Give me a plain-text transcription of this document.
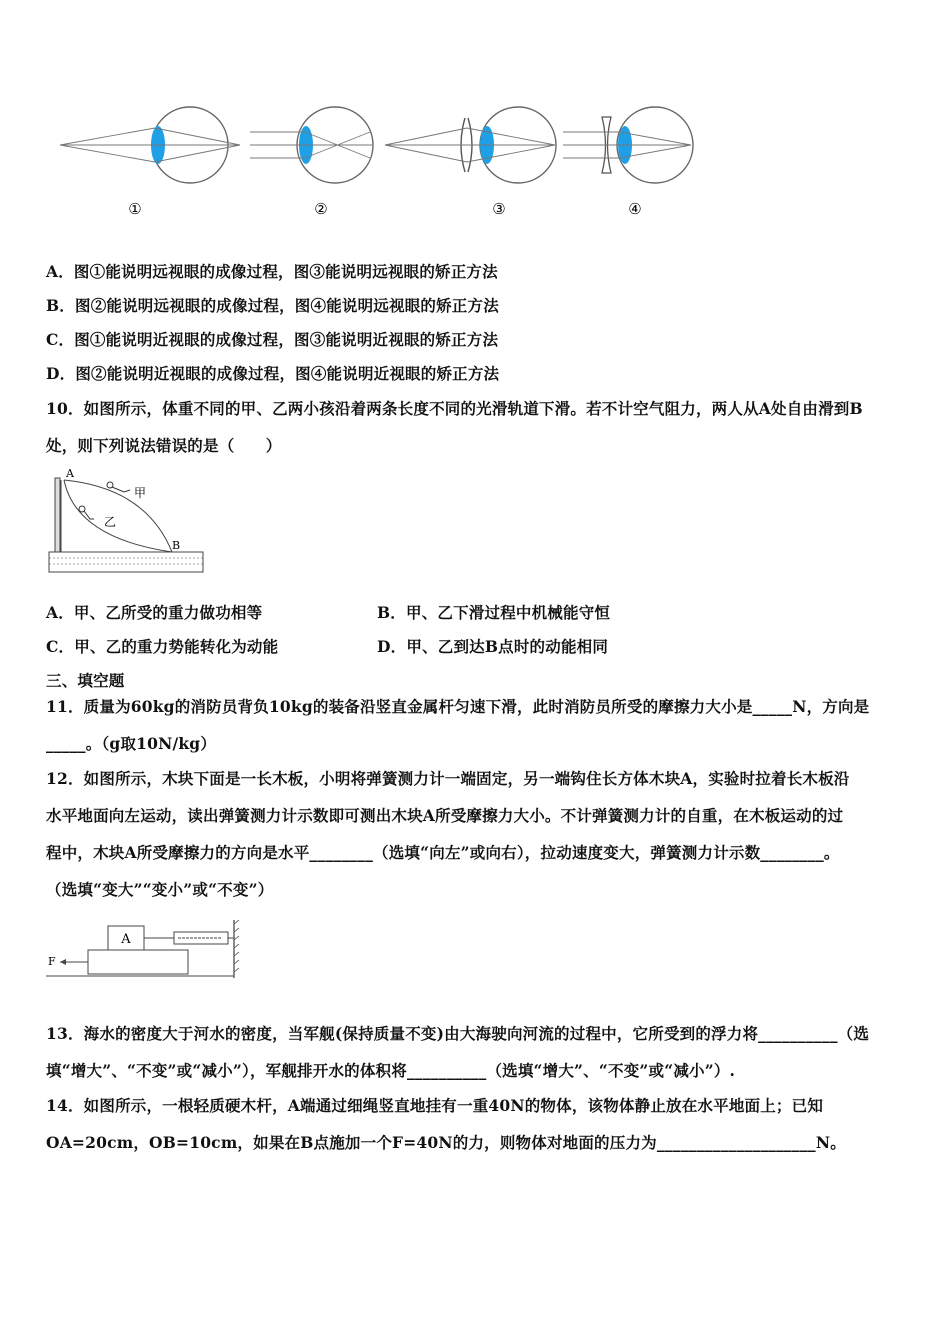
①	②	③	④
A．图①能说明远视眼的成像过程，图③能说明远视眼的矫正方法
B．图②能说明远视眼的成像过程，图④能说明远视眼的矫正方法
C．图①能说明近视眼的成像过程，图③能说明近视眼的矫正方法
D．图②能说明近视眼的成像过程，图④能说明近视眼的矫正方法
10．如图所示，体重不同的甲、乙两小孩沿着两条长度不同的光滑轨道下滑。若不计空气阻力，两人从A处自由滑到B
处，则下列说法错误的是（　　）
A
B
甲
乙
A．甲、乙所受的重力做功相等	B．甲、乙下滑过程中机械能守恒
C．甲、乙的重力势能转化为动能	D．甲、乙到达B点时的动能相同
三、填空题
11．质量为60kg的消防员背负10kg的装备沿竖直金属杆匀速下滑，此时消防员所受的摩擦力大小是_____N，方向是
_____。（g取10N/kg）
12．如图所示，木块下面是一长木板，小明将弹簧测力计一端固定，另一端钩住长方体木块A，实验时拉着长木板沿
水平地面向左运动，读出弹簧测力计示数即可测出木块A所受摩擦力大小。不计弹簧测力计的自重，在木板运动的过
程中，木块A所受摩擦力的方向是水平________（选填“向左”或向右），拉动速度变大，弹簧测力计示数________。
（选填“变大”“变小”或“不变”）
A
F
13．海水的密度大于河水的密度，当军舰(保持质量不变)由大海驶向河流的过程中，它所受到的浮力将__________（选
填“增大”、“不变”或“减小”），军舰排开水的体积将__________（选填“增大”、“不变”或“减小”）.
14．如图所示，一根轻质硬木杆，A端通过细绳竖直地挂有一重40N的物体，该物体静止放在水平地面上；已知
OA=20cm，OB=10cm，如果在B点施加一个F=40N的力，则物体对地面的压力为____________________N。
